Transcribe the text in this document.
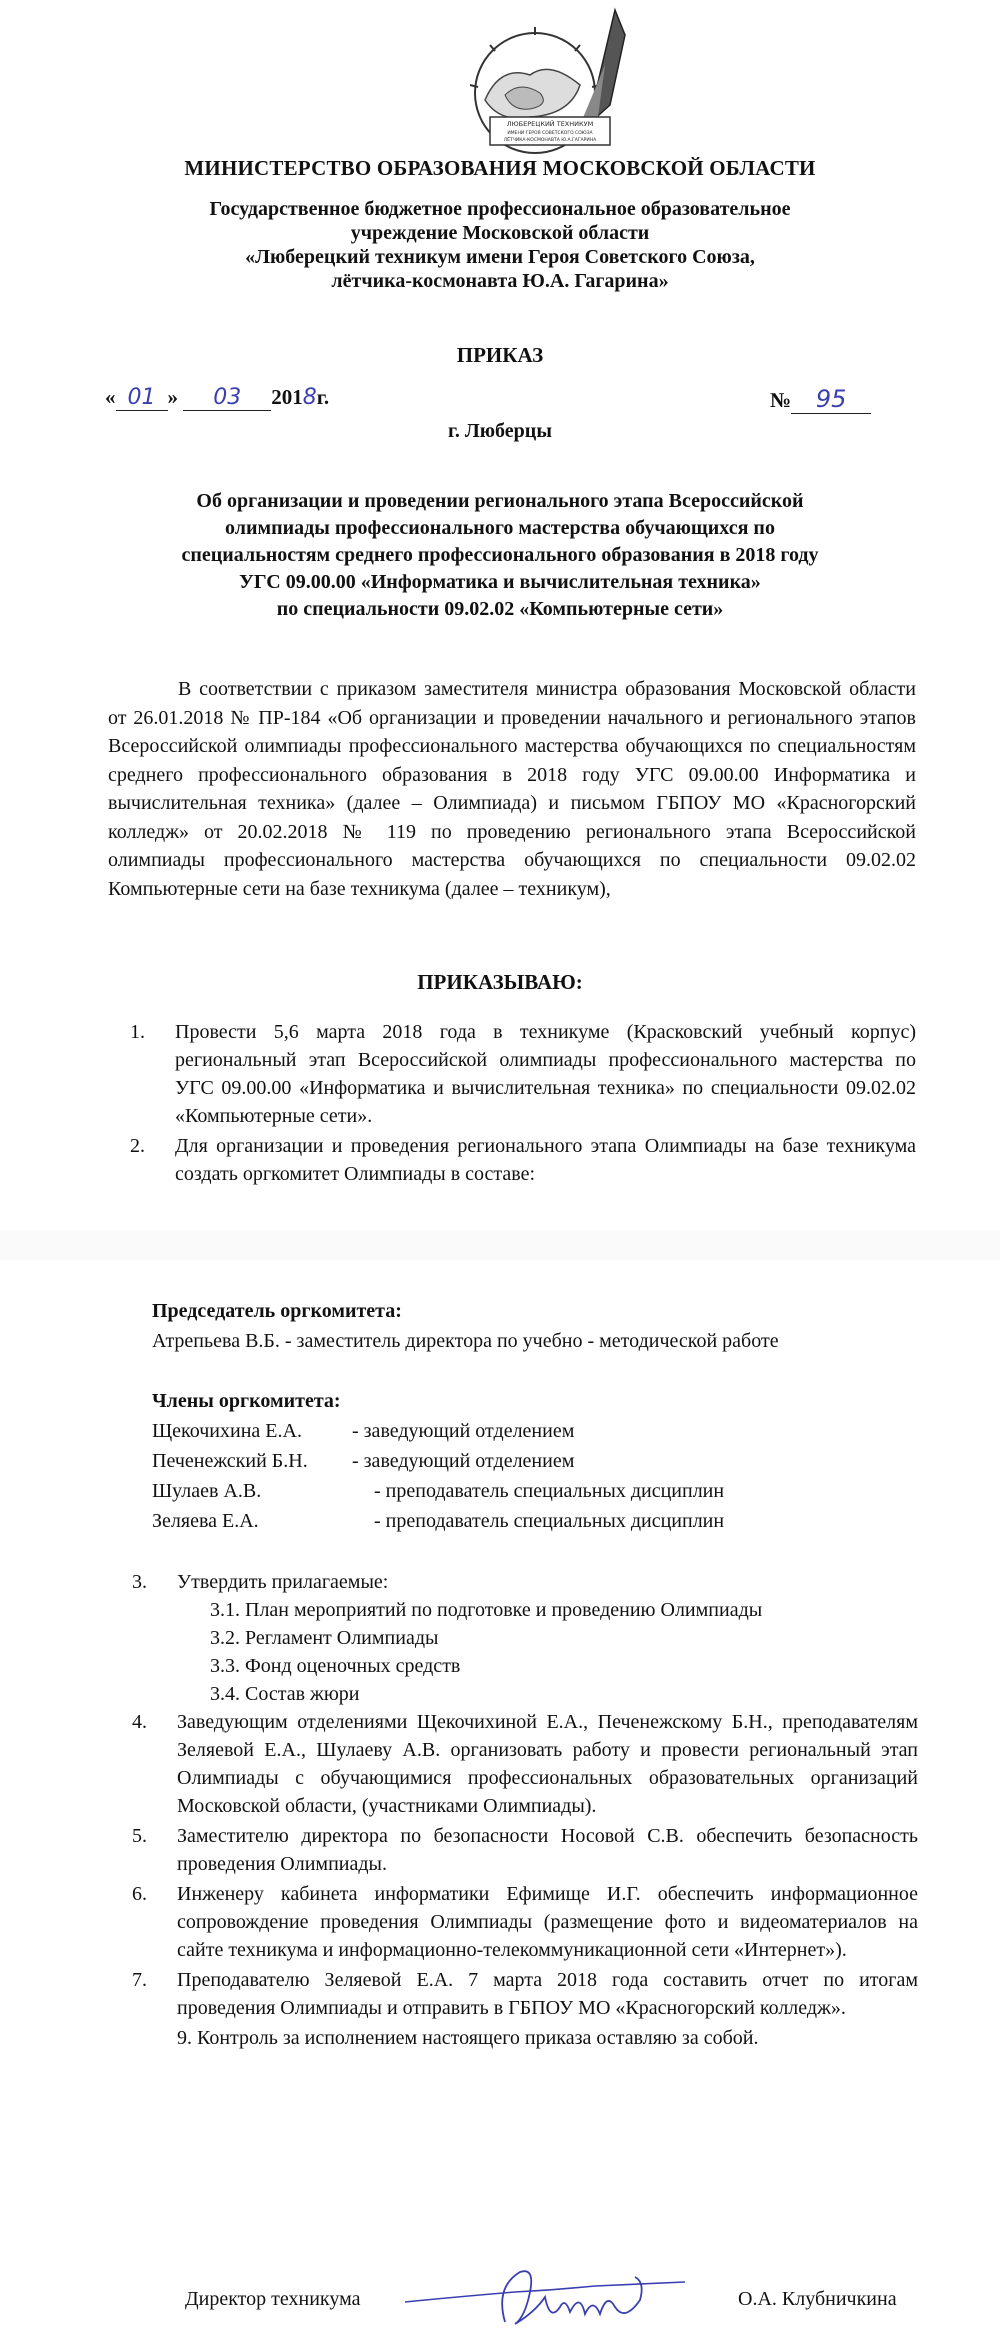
ЛЮБЕРЕЦКИЙ ТЕХНИКУМ
ИМЕНИ ГЕРОЯ СОВЕТСКОГО СОЮЗА
ЛЁТЧИКА-КОСМОНАВТА Ю.А.ГАГАРИНА
МИНИСТЕРСТВО ОБРАЗОВАНИЯ МОСКОВСКОЙ ОБЛАСТИ
Государственное бюджетное профессиональное образовательное
учреждение Московской области
«Люберецкий техникум имени Героя Советского Союза,
лётчика-космонавта Ю.А. Гагарина»
ПРИКАЗ
« 01 » 03 2018г.	№ 95
г. Люберцы
Об организации и проведении регионального этапа Всероссийской
олимпиады профессионального мастерства обучающихся по
специальностям среднего профессионального образования в 2018 году
УГС 09.00.00 «Информатика и вычислительная техника»
по специальности 09.02.02 «Компьютерные сети»

В соответствии с приказом заместителя министра образования Московской области от 26.01.2018 № ПР-184 «Об организации и проведении начального и регионального этапов Всероссийской олимпиады профессионального мастерства обучающихся по специальностям среднего профессионального образования в 2018 году УГС 09.00.00 Информатика и вычислительная техника» (далее – Олимпиада) и письмом ГБПОУ МО «Красногорский колледж» от 20.02.2018 № 119 по проведению регионального этапа Всероссийской олимпиады профессионального мастерства обучающихся по специальности 09.02.02 Компьютерные сети на базе техникума (далее – техникум),

ПРИКАЗЫВАЮ:
1. Провести 5,6 марта 2018 года в техникуме (Красковский учебный корпус) региональный этап Всероссийской олимпиады профессионального мастерства по УГС 09.00.00 «Информатика и вычислительная техника» по специальности 09.02.02 «Компьютерные сети».
2. Для организации и проведения регионального этапа Олимпиады на базе техникума создать оргкомитет Олимпиады в составе:
Председатель оргкомитета:
Атрепьева В.Б. - заместитель директора по учебно - методической работе
Члены оргкомитета:
Щекочихина Е.А.	- заведующий отделением
Печенежский Б.Н.	- заведующий отделением
Шулаев А.В.	- преподаватель специальных дисциплин
Зеляева Е.А.	- преподаватель специальных дисциплин
3. Утвердить прилагаемые:
3.1. План мероприятий по подготовке и проведению Олимпиады
3.2. Регламент Олимпиады
3.3. Фонд оценочных средств
3.4. Состав жюри
4. Заведующим отделениями Щекочихиной Е.А., Печенежскому Б.Н., преподавателям Зеляевой Е.А., Шулаеву А.В. организовать работу и провести региональный этап Олимпиады с обучающимися профессиональных образовательных организаций Московской области, (участниками Олимпиады).
5. Заместителю директора по безопасности Носовой С.В. обеспечить безопасность проведения Олимпиады.
6. Инженеру кабинета информатики Ефимище И.Г. обеспечить информационное сопровождение проведения Олимпиады (размещение фото и видеоматериалов на сайте техникума и информационно-телекоммуникационной сети «Интернет»).
7. Преподавателю Зеляевой Е.А. 7 марта 2018 года составить отчет по итогам проведения Олимпиады и отправить в ГБПОУ МО «Красногорский колледж».
9. Контроль за исполнением настоящего приказа оставляю за собой.
Директор техникума	О.А. Клубничкина
